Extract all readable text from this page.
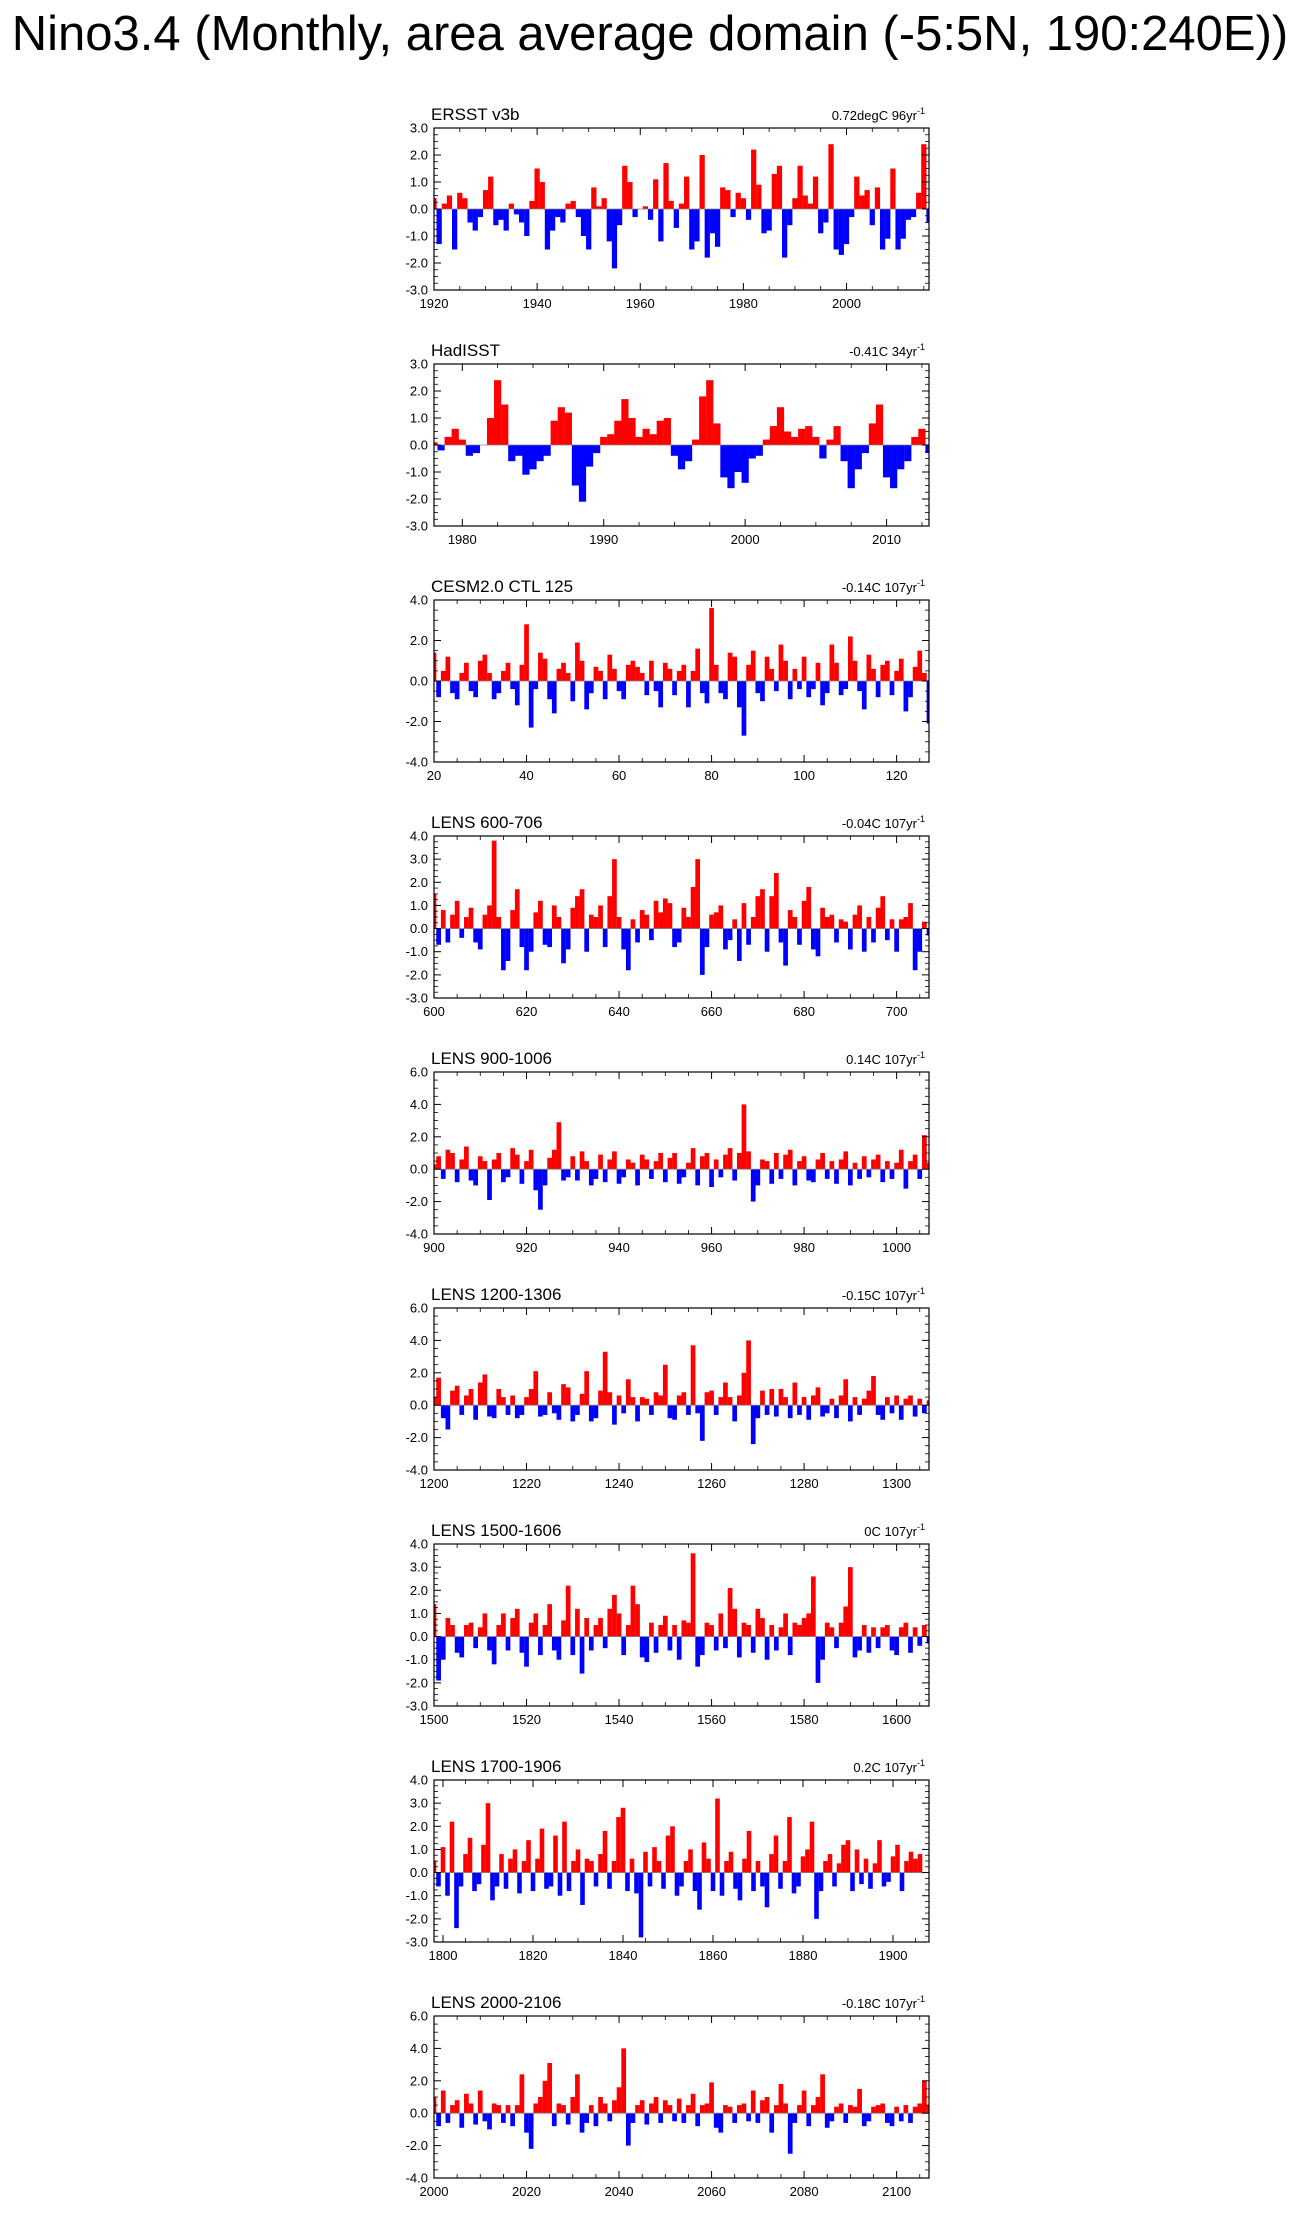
Nino3.4 (Monthly, area average domain (-5:5N, 190:240E))
ERSST v3b	0.72degC $96yr^{-1}$
-3.0
-2.0
-1.0
0.0
1.0
2.0
3.0
1920	1940	1960	1980	2000
HadISST	-0.41C $34yr^{-1}$
-3.0
-2.0
-1.0
0.0
1.0
2.0
3.0
1980	1990	2000	2010
CESM2.0 CTL 125	-0.14C $107yr^{-1}$
-4.0
-2.0
0.0
2.0
4.0
20	40	60	80	100	120
LENS 600-706	-0.04C $107yr^{-1}$
-3.0
-2.0
-1.0
0.0
1.0
2.0
3.0
4.0
600	620	640	660	680	700
LENS 900-1006	0.14C $107yr^{-1}$
-4.0
-2.0
0.0
2.0
4.0
6.0
900	920	940	960	980	1000
LENS 1200-1306	-0.15C $107yr^{-1}$
-4.0
-2.0
0.0
2.0
4.0
6.0
1200	1220	1240	1260	1280	1300
LENS 1500-1606	0C $107yr^{-1}$
-3.0
-2.0
-1.0
0.0
1.0
2.0
3.0
4.0
1500	1520	1540	1560	1580	1600
LENS 1700-1906	0.2C $107yr^{-1}$
-3.0
-2.0
-1.0
0.0
1.0
2.0
3.0
4.0
1800	1820	1840	1860	1880	1900
LENS 2000-2106	-0.18C $107yr^{-1}$
-4.0
-2.0
0.0
2.0
4.0
6.0
2000	2020	2040	2060	2080	2100
